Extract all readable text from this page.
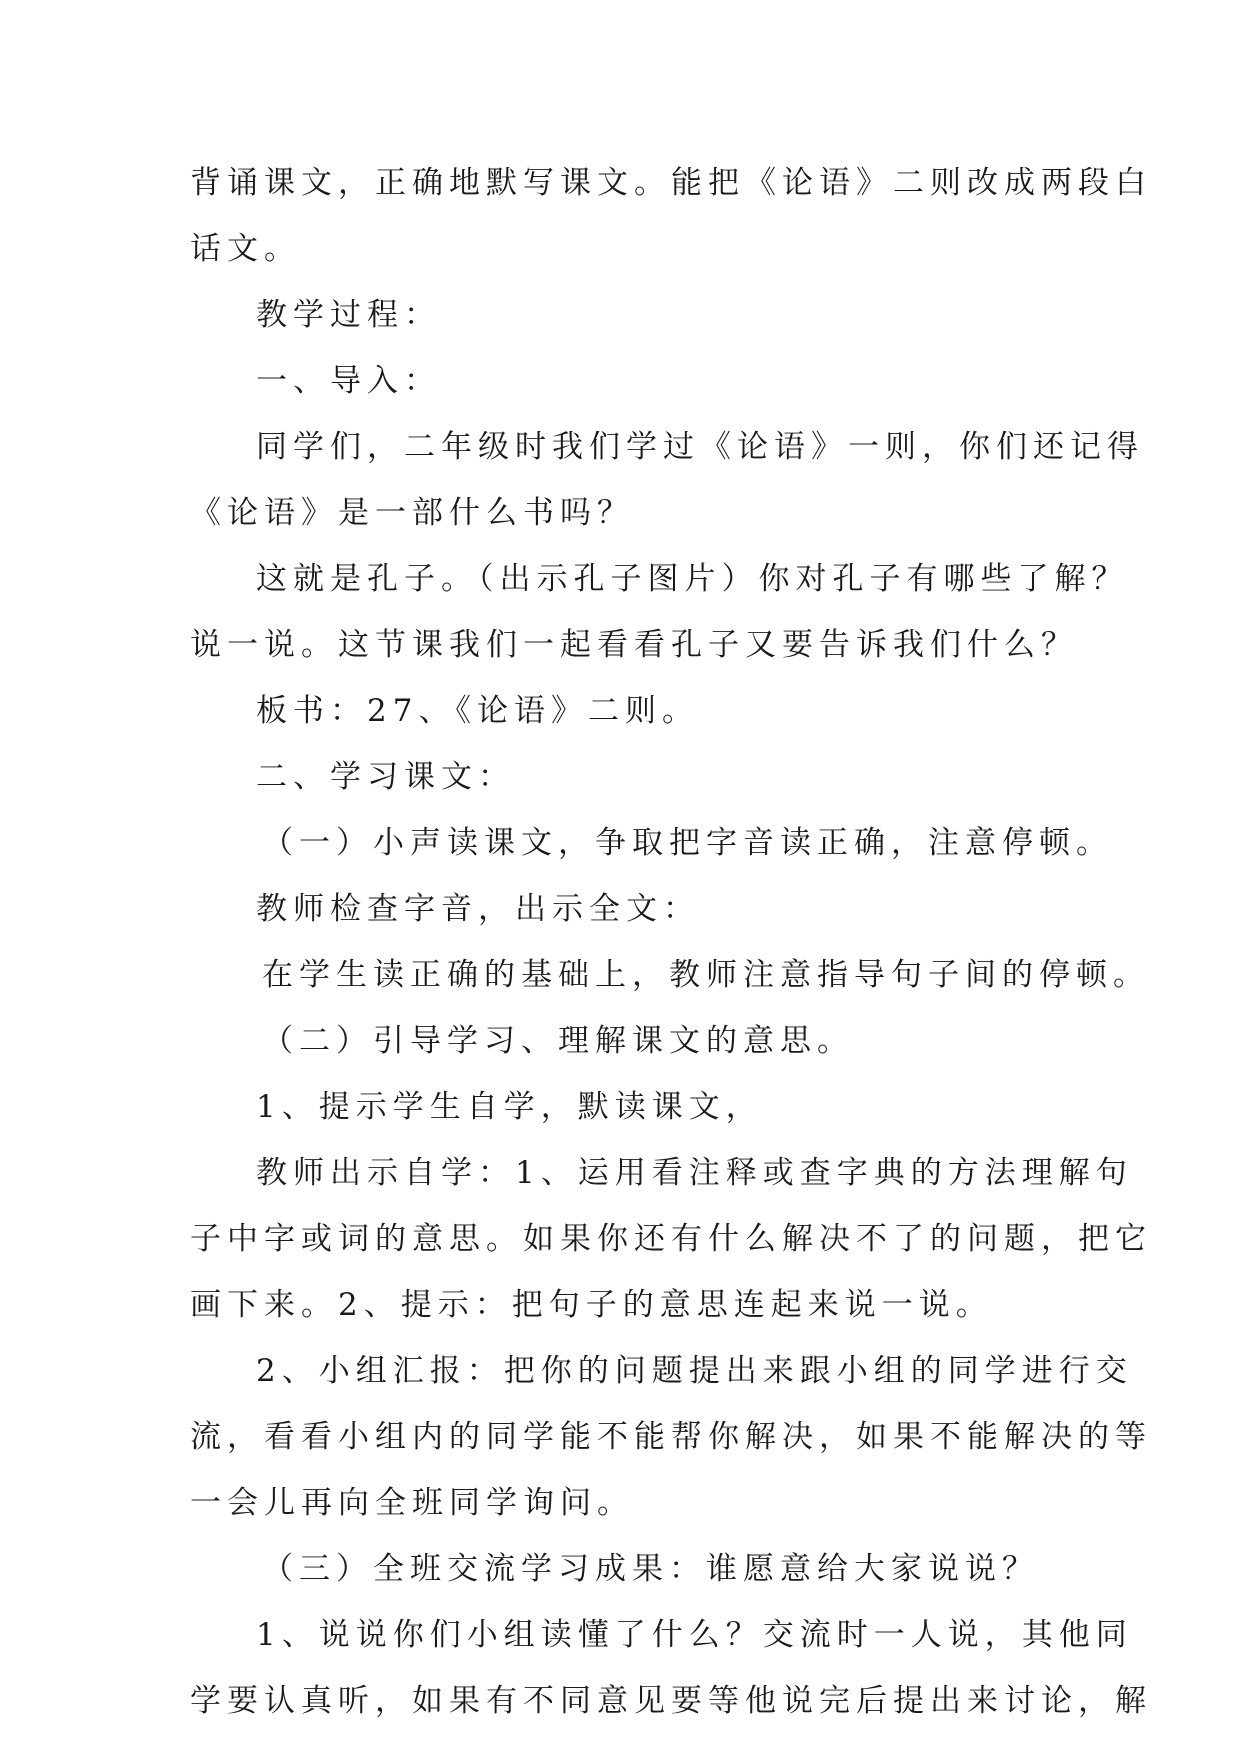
背诵课文，正确地默写课文。能把《论语》二则改成两段白
话文。

教学过程：

一、导入：

同学们，二年级时我们学过《论语》一则，你们还记得
《论语》是一部什么书吗？

这就是孔子。（出示孔子图片）你对孔子有哪些了解？
说一说。这节课我们一起看看孔子又要告诉我们什么？

板书：27、《论语》二则。

二、学习课文：

（一）小声读课文，争取把字音读正确，注意停顿。

教师检查字音，出示全文：

在学生读正确的基础上，教师注意指导句子间的停顿。

（二）引导学习、理解课文的意思。

1、提示学生自学，默读课文，

教师出示自学：1、运用看注释或查字典的方法理解句
子中字或词的意思。如果你还有什么解决不了的问题，把它
画下来。2、提示：把句子的意思连起来说一说。

2、小组汇报：把你的问题提出来跟小组的同学进行交
流，看看小组内的同学能不能帮你解决，如果不能解决的等
一会儿再向全班同学询问。

（三）全班交流学习成果：谁愿意给大家说说？

1、说说你们小组读懂了什么？交流时一人说，其他同
学要认真听，如果有不同意见要等他说完后提出来讨论，解
